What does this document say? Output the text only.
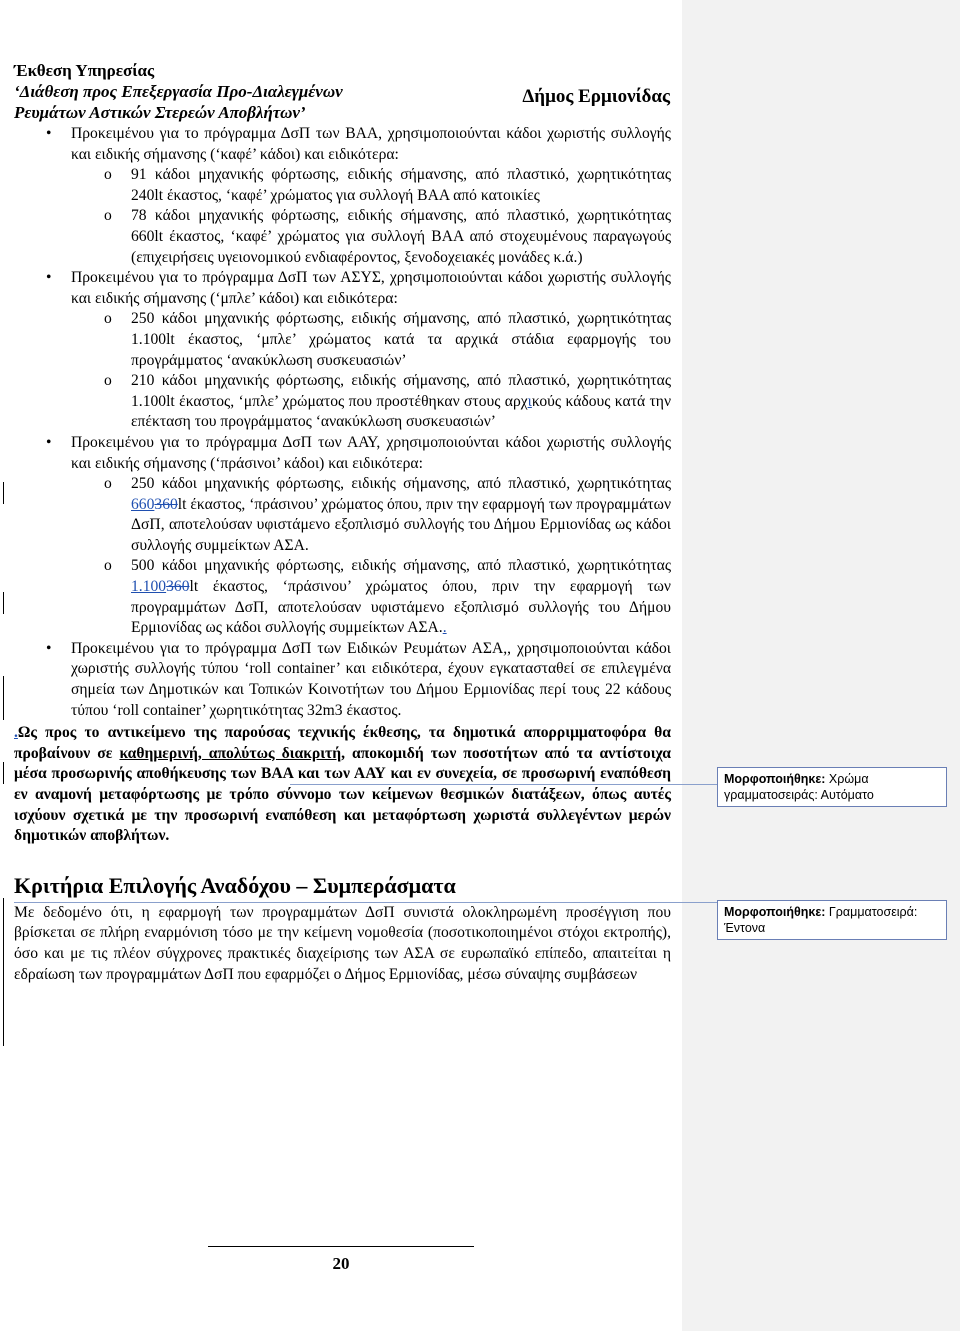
Έκθεση Υπηρεσίας
‘Διάθεση προς Επεξεργασία Προ-Διαλεγμένων
Ρευμάτων Αστικών Στερεών Αποβλήτων’
Δήμος Ερμιονίδας

• Προκειμένου για το πρόγραμμα ΔσΠ των ΒΑΑ, χρησιμοποιούνται κάδοι χωριστής συλλογής και ειδικής σήμανσης (‘καφέ’ κάδοι) και ειδικότερα:

o 91 κάδοι μηχανικής φόρτωσης, ειδικής σήμανσης, από πλαστικό, χωρητικότητας 240lt έκαστος, ‘καφέ’ χρώματος για συλλογή ΒΑΑ από κατοικίες

o 78 κάδοι μηχανικής φόρτωσης, ειδικής σήμανσης, από πλαστικό, χωρητικότητας 660lt έκαστος, ‘καφέ’ χρώματος για συλλογή ΒΑΑ από στοχευμένους παραγωγούς (επιχειρήσεις υγειονομικού ενδιαφέροντος, ξενοδοχειακές μονάδες κ.ά.)

• Προκειμένου για το πρόγραμμα ΔσΠ των ΑΣΥΣ, χρησιμοποιούνται κάδοι χωριστής συλλογής και ειδικής σήμανσης (‘μπλε’ κάδοι) και ειδικότερα:

o 250 κάδοι μηχανικής φόρτωσης, ειδικής σήμανσης, από πλαστικό, χωρητικότητας 1.100lt έκαστος, ‘μπλε’ χρώματος κατά τα αρχικά στάδια εφαρμογής του προγράμματος ‘ανακύκλωση συσκευασιών’

o 210 κάδοι μηχανικής φόρτωσης, ειδικής σήμανσης, από πλαστικό, χωρητικότητας 1.100lt έκαστος, ‘μπλε’ χρώματος που προστέθηκαν στους αρχικούς κάδους κατά την επέκταση του προγράμματος ‘ανακύκλωση συσκευασιών’

• Προκειμένου για το πρόγραμμα ΔσΠ των ΑΑΥ, χρησιμοποιούνται κάδοι χωριστής συλλογής και ειδικής σήμανσης (‘πράσινοι’ κάδοι) και ειδικότερα:

o 250 κάδοι μηχανικής φόρτωσης, ειδικής σήμανσης, από πλαστικό, χωρητικότητας 660360lt έκαστος, ‘πράσινου’ χρώματος όπου, πριν την εφαρμογή των προγραμμάτων ΔσΠ, αποτελούσαν υφιστάμενο εξοπλισμό συλλογής του Δήμου Ερμιονίδας ως κάδοι συλλογής συμμείκτων ΑΣΑ.

o 500 κάδοι μηχανικής φόρτωσης, ειδικής σήμανσης, από πλαστικό, χωρητικότητας 1.100360lt έκαστος, ‘πράσινου’ χρώματος όπου, πριν την εφαρμογή των προγραμμάτων ΔσΠ, αποτελούσαν υφιστάμενο εξοπλισμό συλλογής του Δήμου Ερμιονίδας ως κάδοι συλλογής συμμείκτων ΑΣΑ..

• Προκειμένου για το πρόγραμμα ΔσΠ των Ειδικών Ρευμάτων ΑΣΑ,, χρησιμοποιούνται κάδοι χωριστής συλλογής τύπου ‘roll container’ και ειδικότερα, έχουν εγκατασταθεί σε επιλεγμένα σημεία των Δημοτικών και Τοπικών Κοινοτήτων του Δήμου Ερμιονίδας περί τους 22 κάδους τύπου ‘roll container’ χωρητικότητας 32m3 έκαστος.

.Ως προς το αντικείμενο της παρούσας τεχνικής έκθεσης, τα δημοτικά απορριμματοφόρα θα προβαίνουν σε καθημερινή, απολύτως διακριτή, αποκομιδή των ποσοτήτων από τα αντίστοιχα μέσα προσωρινής αποθήκευσης των ΒΑΑ και των ΑΑΥ και εν συνεχεία, σε προσωρινή εναπόθεση εν αναμονή μεταφόρτωσης με τρόπο σύννομο των κείμενων θεσμικών διατάξεων, όπως αυτές ισχύουν σχετικά με την προσωρινή εναπόθεση και μεταφόρτωση χωριστά συλλεγέντων μερών δημοτικών αποβλήτων.

Κριτήρια Επιλογής Αναδόχου – Συμπεράσματα

Με δεδομένο ότι, η εφαρμογή των προγραμμάτων ΔσΠ συνιστά ολοκληρωμένη προσέγγιση που βρίσκεται σε πλήρη εναρμόνιση τόσο με την κείμενη νομοθεσία (ποσοτικοποιημένοι στόχοι εκτροπής), όσο και με τις πλέον σύγχρονες πρακτικές διαχείρισης των ΑΣΑ σε ευρωπαϊκό επίπεδο, απαιτείται η εδραίωση των προγραμμάτων ΔσΠ που εφαρμόζει ο Δήμος Ερμιονίδας, μέσω σύναψης συμβάσεων

20
Μορφοποιήθηκε: Χρώμα γραμματοσειράς: Αυτόματο
Μορφοποιήθηκε: Γραμματοσειρά: Έντονα
